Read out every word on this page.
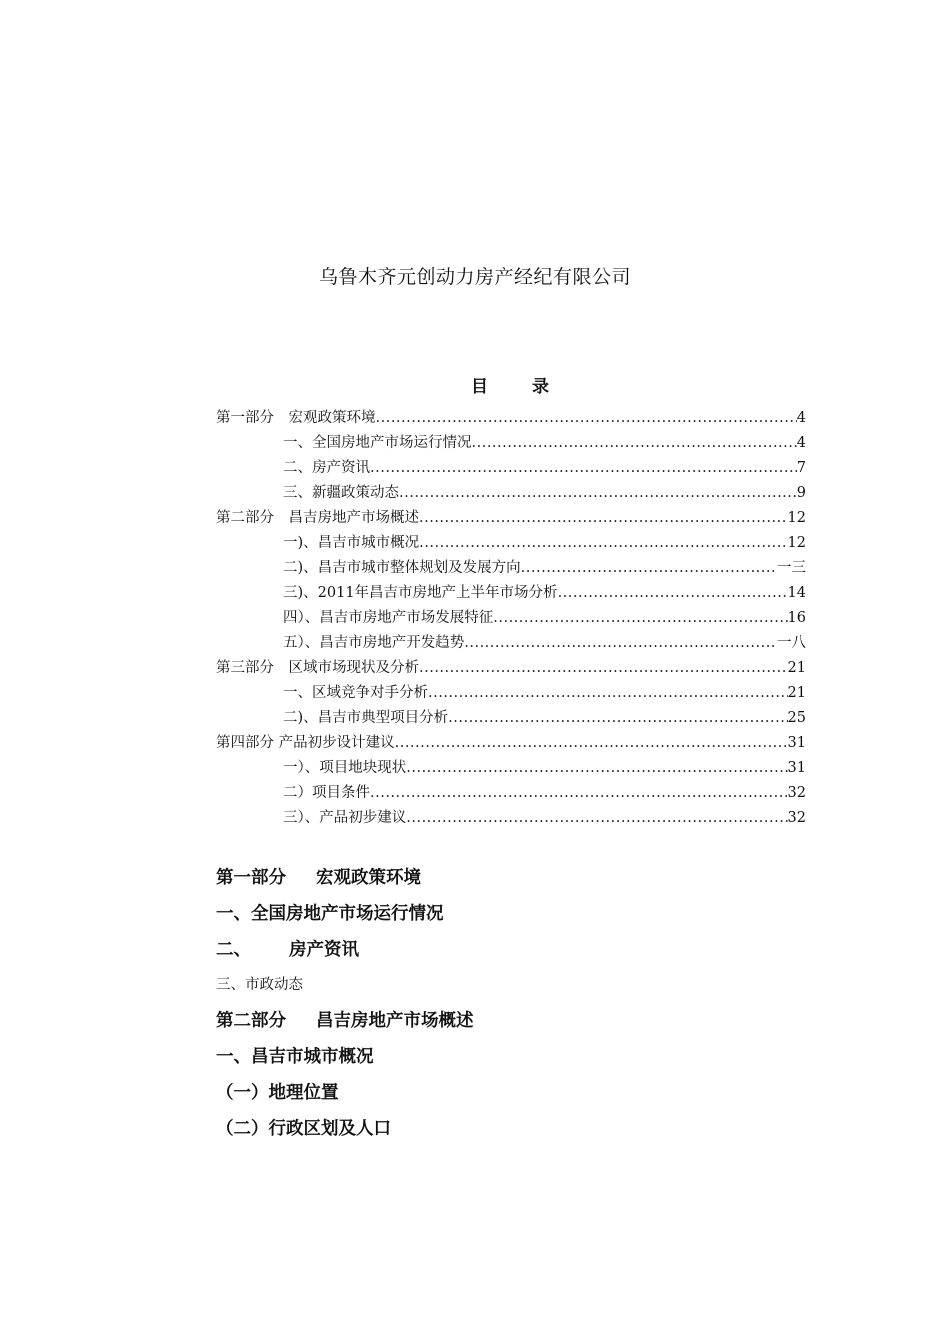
乌鲁木齐元创动力房产经纪有限公司
目	录
第一部分　宏观政策环境 .....	4
一、全国房地产市场运行情况 .....	4
二、房产资讯 .....	7
三、新疆政策动态 .....	9
第二部分　昌吉房地产市场概述 .....	12
一)、昌吉市城市概况 .....	12
二)、昌吉市城市整体规划及发展方向 .....	一三
三)、2011年昌吉市房地产上半年市场分析 .....	14
四）、昌吉市房地产市场发展特征 .....	16
五）、昌吉市房地产开发趋势 .....	一八
第三部分　区域市场现状及分析 .....	21
一、区域竞争对手分析 .....	21
二)、昌吉市典型项目分析 .....	25
第四部分 产品初步设计建议 .....	31
一）、项目地块现状 .....	31
二）项目条件 .....	32
三）、产品初步建议 .....	32
第一部分 宏观政策环境
一、全国房地产市场运行情况
二、 房产资讯
三、市政动态
第二部分 昌吉房地产市场概述
一、昌吉市城市概况
（一）地理位置
（二）行政区划及人口
